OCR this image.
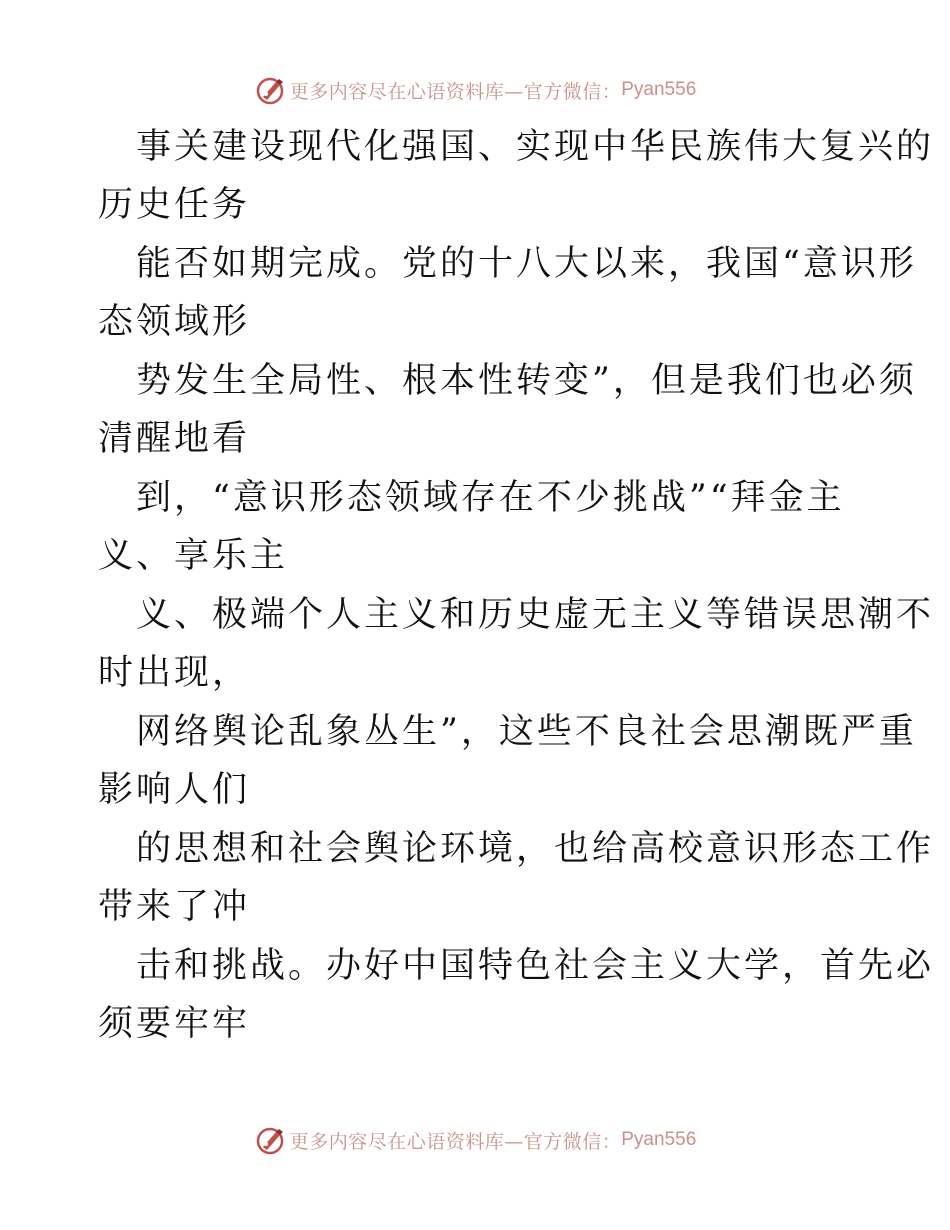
更多内容尽在心语资料库—官方微信： Pyan556
事关建设现代化强国、实现中华民族伟大复兴的
历史任务
能否如期完成。党的十八大以来，我国“意识形
态领域形
势发生全局性、根本性转变”，但是我们也必须
清醒地看
到，“意识形态领域存在不少挑战”“拜金主
义、享乐主
义、极端个人主义和历史虚无主义等错误思潮不
时出现，
网络舆论乱象丛生”，这些不良社会思潮既严重
影响人们
的思想和社会舆论环境，也给高校意识形态工作
带来了冲
击和挑战。办好中国特色社会主义大学，首先必
须要牢牢
更多内容尽在心语资料库—官方微信： Pyan556
